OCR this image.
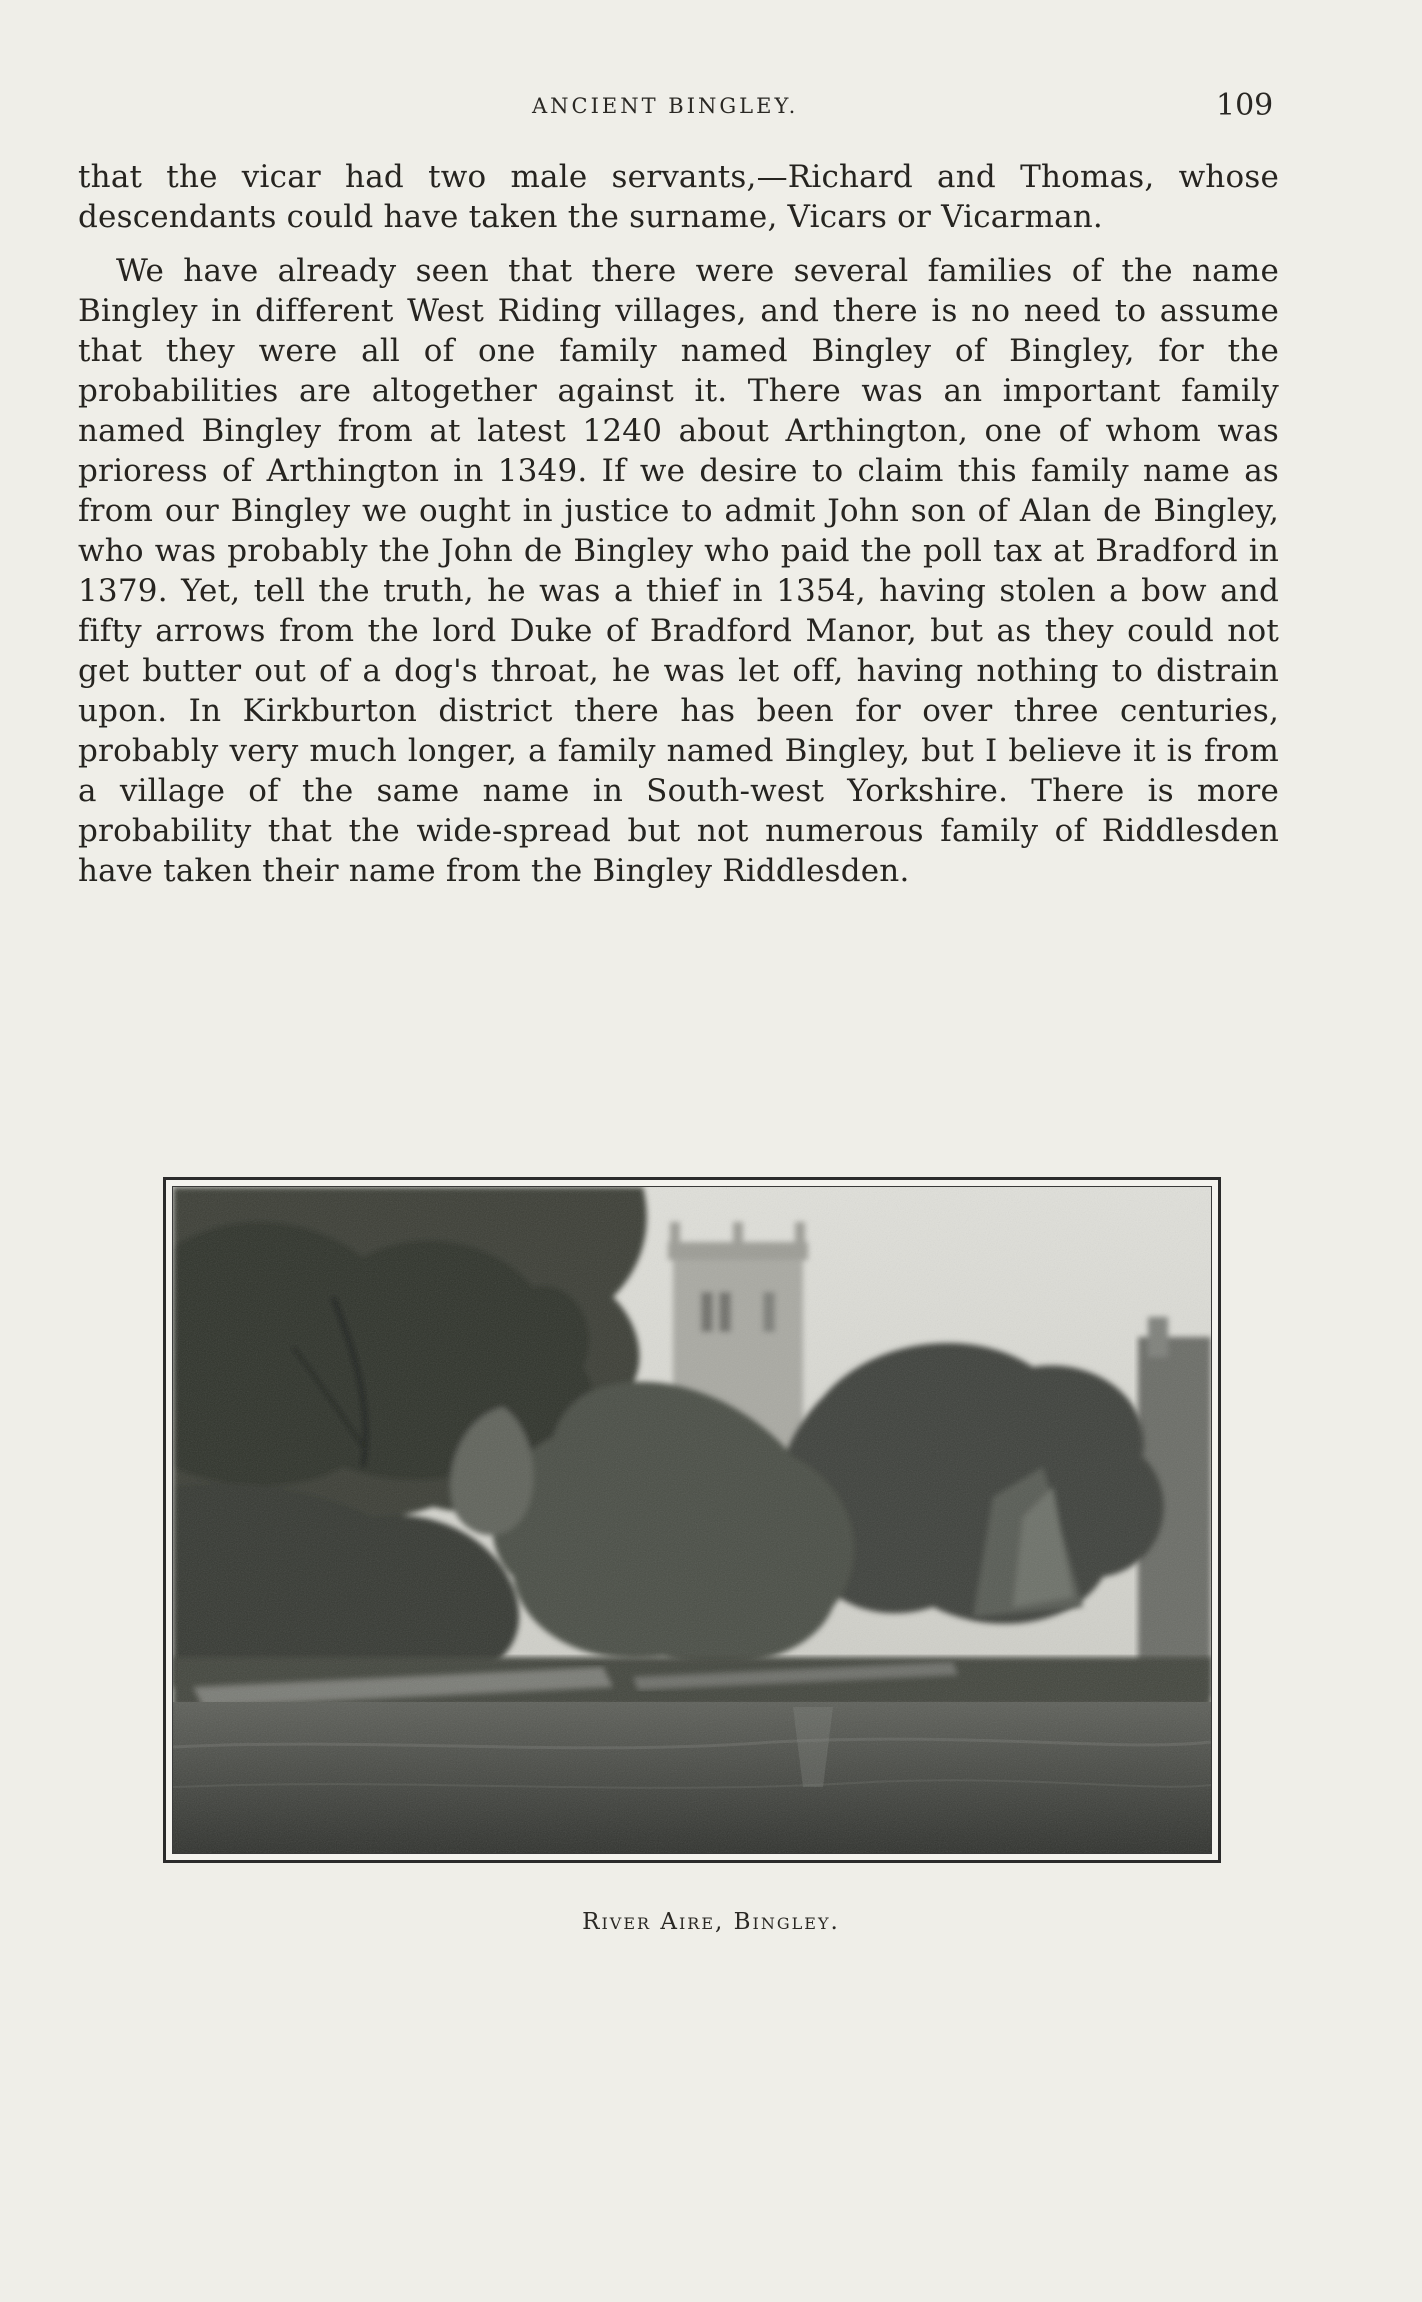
ANCIENT BINGLEY.	109

that the vicar had two male servants,—Richard and Thomas, whose descendants could have taken the surname, Vicars or Vicarman.

We have already seen that there were several families of the name Bingley in different West Riding villages, and there is no need to assume that they were all of one family named Bingley of Bingley, for the probabilities are altogether against it. There was an important family named Bingley from at latest 1240 about Arthington, one of whom was prioress of Arthington in 1349. If we desire to claim this family name as from our Bingley we ought in justice to admit John son of Alan de Bingley, who was probably the John de Bingley who paid the poll tax at Bradford in 1379. Yet, tell the truth, he was a thief in 1354, having stolen a bow and fifty arrows from the lord Duke of Bradford Manor, but as they could not get butter out of a dog's throat, he was let off, having nothing to distrain upon. In Kirkburton district there has been for over three centuries, probably very much longer, a family named Bingley, but I believe it is from a village of the same name in South-west Yorkshire. There is more probability that the wide-spread but not numerous family of Riddlesden have taken their name from the Bingley Riddlesden.

River Aire, Bingley.
